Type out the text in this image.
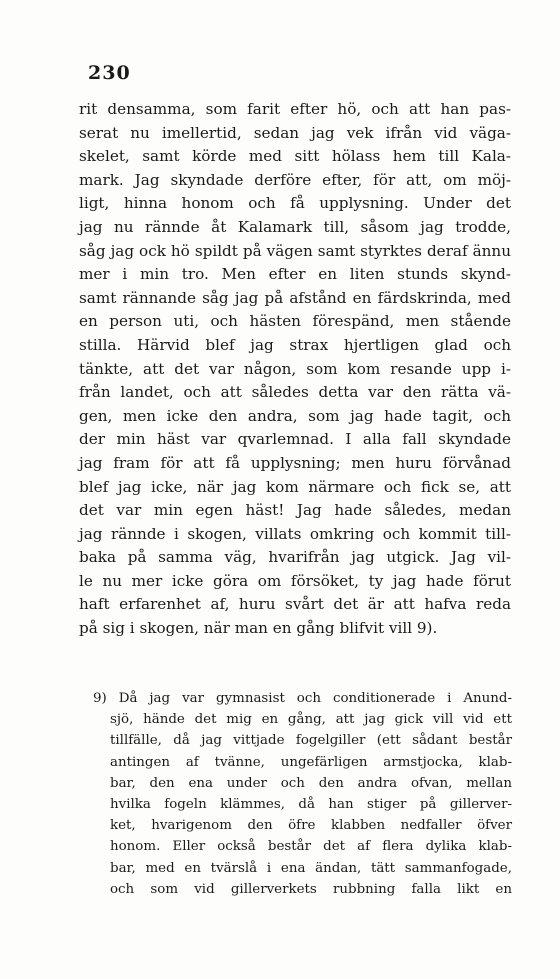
230
rit densamma, som farit efter hö, och att han pas-
serat nu imellertid, sedan jag vek ifrån vid väga-
skelet, samt körde med sitt hölass hem till Kala-
mark. Jag skyndade derföre efter, för att, om möj-
ligt, hinna honom och få upplysning. Under det
jag nu rännde åt Kalamark till, såsom jag trodde,
såg jag ock hö spildt på vägen samt styrktes deraf ännu
mer i min tro. Men efter en liten stunds skynd-
samt rännande såg jag på afstånd en färdskrinda, med
en person uti, och hästen förespänd, men stående
stilla. Härvid blef jag strax hjertligen glad och
tänkte, att det var någon, som kom resande upp i-
från landet, och att således detta var den rätta vä-
gen, men icke den andra, som jag hade tagit, och
der min häst var qvarlemnad. I alla fall skyndade
jag fram för att få upplysning; men huru förvånad
blef jag icke, när jag kom närmare och fick se, att
det var min egen häst! Jag hade således, medan
jag rännde i skogen, villats omkring och kommit till-
baka på samma väg, hvarifrån jag utgick. Jag vil-
le nu mer icke göra om försöket, ty jag hade förut
haft erfarenhet af, huru svårt det är att hafva reda
på sig i skogen, när man en gång blifvit vill 9).
9) Då jag var gymnasist och conditionerade i Anund-
sjö, hände det mig en gång, att jag gick vill vid ett
tillfälle, då jag vittjade fogelgiller (ett sådant består
antingen af tvänne, ungefärligen armstjocka, klab-
bar, den ena under och den andra ofvan, mellan
hvilka fogeln klämmes, då han stiger på gillerver-
ket, hvarigenom den öfre klabben nedfaller öfver
honom. Eller också består det af flera dylika klab-
bar, med en tvärslå i ena ändan, tätt sammanfogade,
och som vid gillerverkets rubbning falla likt en
